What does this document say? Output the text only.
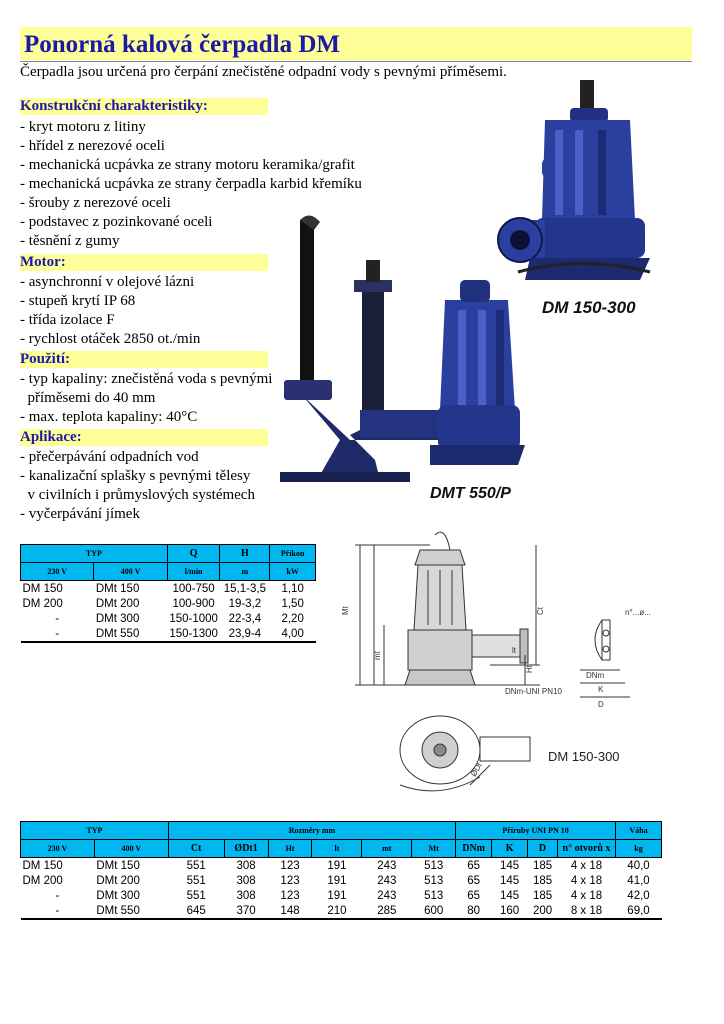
Ponorná kalová čerpadla DM
Čerpadla jsou určená pro čerpání znečistěné odpadní vody s pevnými příměsemi.
Konstrukční charakteristiky:
- kryt motoru z litiny
- hřídel z nerezové oceli
- mechanická ucpávka ze strany motoru keramika/grafit
- mechanická ucpávka ze strany čerpadla karbid křemíku
- šrouby z nerezové oceli
- podstavec z pozinkované oceli
- těsnění z gumy
Motor:
- asynchronní v olejové lázni
- stupeň krytí IP 68
- třída izolace F
- rychlost otáček 2850 ot./min
Použití:
- typ kapaliny: znečistěná voda s pevnými
příměsemi do 40 mm
- max. teplota kapaliny: 40°C
Aplikace:
- přečerpávání odpadních vod
- kanalizační splašky s pevnými tělesy
v civilních i průmyslových systémech
- vyčerpávání jímek
DM 150-300
DMT 550/P
TYP		Q	H	Příkon
230 V	400 V	l/min	m	kW
DM 150	DMt 150	100-750	15,1-3,5	1,10
DM 200	DMt 200	100-900	19-3,2	1,50
-	DMt 300	150-1000	22-3,4	2,20
-	DMt 550	150-1300	23,9-4	4,00
Mt
mt
Ct
Ht
lt
DNm-UNI PN10
n°...ø...
DNm
K
D
ØDt
DM 150-300
TYP		Rozměry mm						Příruby UNI PN 10				Váha
230 V	400 V	Ct	ØDt1	Ht	lt	mt	Mt	DNm	K	D	n° otvorů x	kg
DM 150	DMt 150	551	308	123	191	243	513	65	145	185	4 x 18	40,0
DM 200	DMt 200	551	308	123	191	243	513	65	145	185	4 x 18	41,0
-	DMt 300	551	308	123	191	243	513	65	145	185	4 x 18	42,0
-	DMt 550	645	370	148	210	285	600	80	160	200	8 x 18	69,0
